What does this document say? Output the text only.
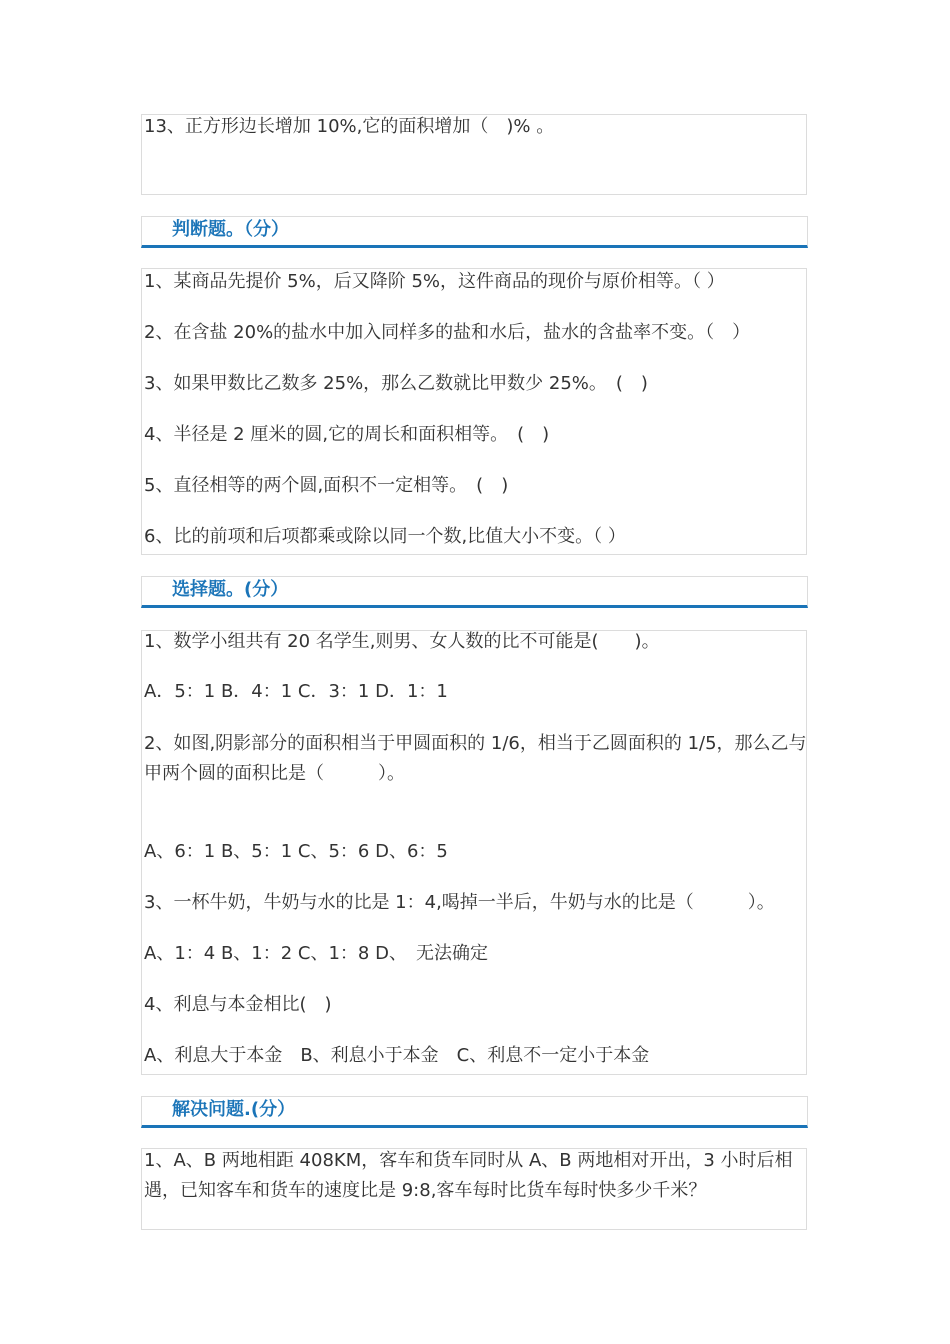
13、正方形边长增加 10%,它的面积增加（　)% 。
判断题。（分）
1、某商品先提价 5%，后又降阶 5%，这件商品的现价与原价相等。（ ）
2、在含盐 20%的盐水中加入同样多的盐和水后，盐水的含盐率不变。（　）
3、如果甲数比乙数多 25%，那么乙数就比甲数少 25%。　(　)
4、半径是 2 厘米的圆,它的周长和面积相等。　(　)
5、直径相等的两个圆,面积不一定相等。　(　)
6、比的前项和后项都乘或除以同一个数,比值大小不变。（ ）
选择题。(分）
1、数学小组共有 20 名学生,则男、女人数的比不可能是(　　)。
A．5：1 B．4：1 C．3：1 D．1：1
2、如图,阴影部分的面积相当于甲圆面积的 1/6，相当于乙圆面积的 1/5，那么乙与甲两个圆的面积比是（　　　）。
A、6：1 B、5：1 C、5：6 D、6：5
3、一杯牛奶，牛奶与水的比是 1：4,喝掉一半后，牛奶与水的比是（　　　）。
A、1：4 B、1：2 C、1：8 D、　无法确定
4、利息与本金相比(　)
A、利息大于本金　B、利息小于本金　C、利息不一定小于本金
解决问题.(分）
1、A、B 两地相距 408KM，客车和货车同时从 A、B 两地相对开出，3 小时后相遇，已知客车和货车的速度比是 9:8,客车每时比货车每时快多少千米？
